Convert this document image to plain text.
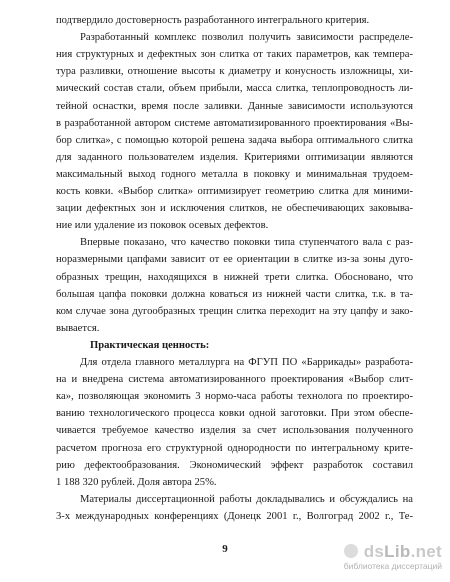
подтвердило достоверность разработанного интегрального критерия.
Разработанный комплекс позволил получить зависимости распределе-
ния структурных и дефектных зон слитка от таких параметров, как темпера-
тура разливки, отношение высоты к диаметру и конусность изложницы, хи-
мический состав стали, объем прибыли, масса слитка, теплопроводность ли-
тейной оснастки, время после заливки. Данные зависимости используются
в разработанной автором системе автоматизированного проектирования «Вы-
бор слитка», с помощью которой решена задача выбора оптимального слитка
для заданного пользователем изделия. Критериями оптимизации являются
максимальный выход годного металла в поковку и минимальная трудоем-
кость ковки. «Выбор слитка» оптимизирует геометрию слитка для миними-
зации дефектных зон и исключения слитков, не обеспечивающих заковыва-
ние или удаление из поковок осевых дефектов.
Впервые показано, что качество поковки типа ступенчатого вала с раз-
норазмерными цапфами зависит от ее ориентации в слитке из-за зоны дуго-
образных трещин, находящихся в нижней трети слитка. Обосновано, что
большая цапфа поковки должна коваться из нижней части слитка, т.к. в та-
ком случае зона дугообразных трещин слитка переходит на эту цапфу и зако-
вывается.
Практическая ценность:
Для отдела главного металлурга на ФГУП ПО «Баррикады» разработа-
на и внедрена система автоматизированного проектирования «Выбор слит-
ка», позволяющая экономить 3 нормо-часа работы технолога по проектиро-
ванию технологического процесса ковки одной заготовки. При этом обеспе-
чивается требуемое качество изделия за счет использования полученного
расчетом прогноза его структурной однородности по интегральному крите-
рию дефектообразования. Экономический эффект разработок составил
1 188 320 рублей. Доля автора 25%.
Материалы диссертационной работы докладывались и обсуждались на
3-х международных конференциях (Донецк 2001 г., Волгоград 2002 г., Те-
9	dsLib.net
библиотека диссертаций
